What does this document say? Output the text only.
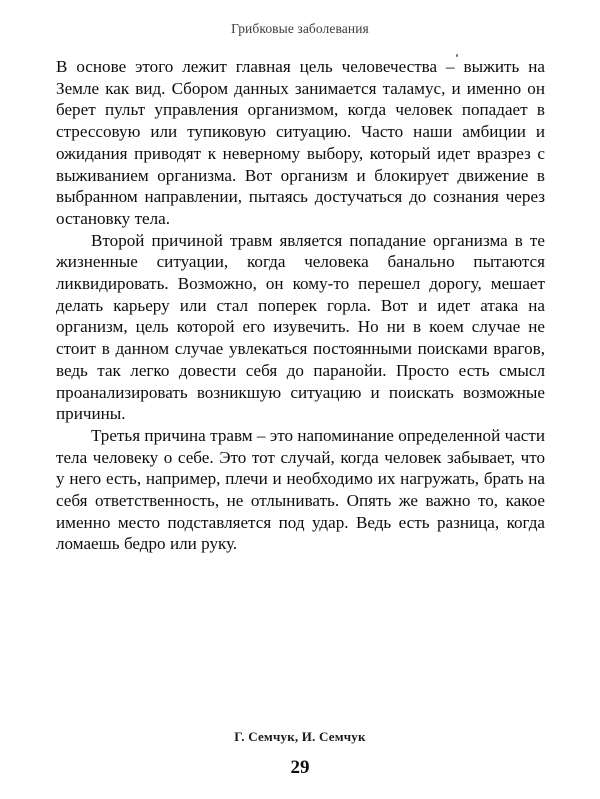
Грибковые заболевания

В основе этого лежит главная цель человечества – выжить на Земле как вид. Сбором данных занимается таламус, и именно он берет пульт управления организмом, когда человек попадает в стрессовую или тупиковую ситуацию. Часто наши амбиции и ожидания приводят к неверному выбору, который идет вразрез с выживанием организма. Вот организм и блокирует движение в выбранном направлении, пытаясь достучаться до сознания через остановку тела.

Второй причиной травм является попадание организма в те жизненные ситуации, когда человека банально пытаются ликвидировать. Возможно, он кому-то перешел дорогу, мешает делать карьеру или стал поперек горла. Вот и идет атака на организм, цель которой его изувечить. Но ни в коем случае не стоит в данном случае увлекаться постоянными поисками врагов, ведь так легко довести себя до паранойи. Просто есть смысл проанализировать возникшую ситуацию и поискать возможные причины.

Третья причина травм – это напоминание определенной части тела человеку о себе. Это тот случай, когда человек забывает, что у него есть, например, плечи и необходимо их нагружать, брать на себя ответственность, не отлынивать. Опять же важно то, какое именно место подставляется под удар. Ведь есть разница, когда ломаешь бедро или руку.

Г. Семчук, И. Семчук
29
